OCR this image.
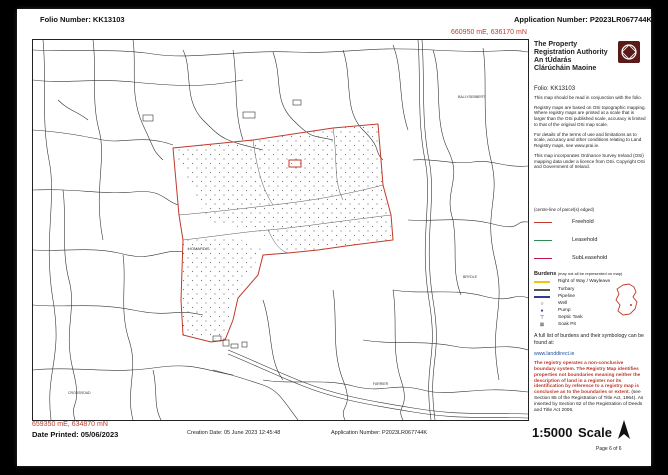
Folio Number: KK13103	Application Number: P2023LR067744K
660950 mE, 636170 mN
HOMARDIS
BALLYDEBBERT
BRYDLE
CROSSROAD
FARRIER
659350 mE, 634870 mN
The Property
Registration Authority
An tÚdarás
Clárúcháin Maoine
Folio: KK13103

This map should be read in conjunction with the folio.

Registry maps are based on OSi topographic mapping. Where registry maps are printed at a scale that is larger than the OSi published scale, accuracy is limited to that of the original OSi map scale.

For details of the terms of use and limitations as to scale, accuracy and other conditions relating to Land Registry maps, see www.prai.ie.

This map incorporates Ordnance Survey Ireland (OSi) mapping data under a licence from OSi. Copyright OSi and Government of Ireland.

(centre-line of parcel(s) edged)
Freehold
Leasehold
SubLeasehold
Burdens (may not all be represented on map)
Right of Way / Wayleave
Turbary
Pipeline
○	Well
●	Pump
⊤	Septic Tank
⊠	Soak Pit
A full list of burdens and their symbology can be found at:
www.landdirect.ie
The registry operates a non-conclusive boundary system. The Registry Map identifies properties not boundaries meaning neither the description of land in a register nor its identification by reference to a registry map is conclusive as to the boundaries or extent. (see Section 85 of the Registration of Title Act, 1964). As inserted by Section 62 of the Registration of Deeds and Title Act 2006.
Date Printed: 05/06/2023	Creation Date: 05 June 2023 12:45:48	Application Number: P2023LR067744K	1:5000 Scale
Page 6 of 6
